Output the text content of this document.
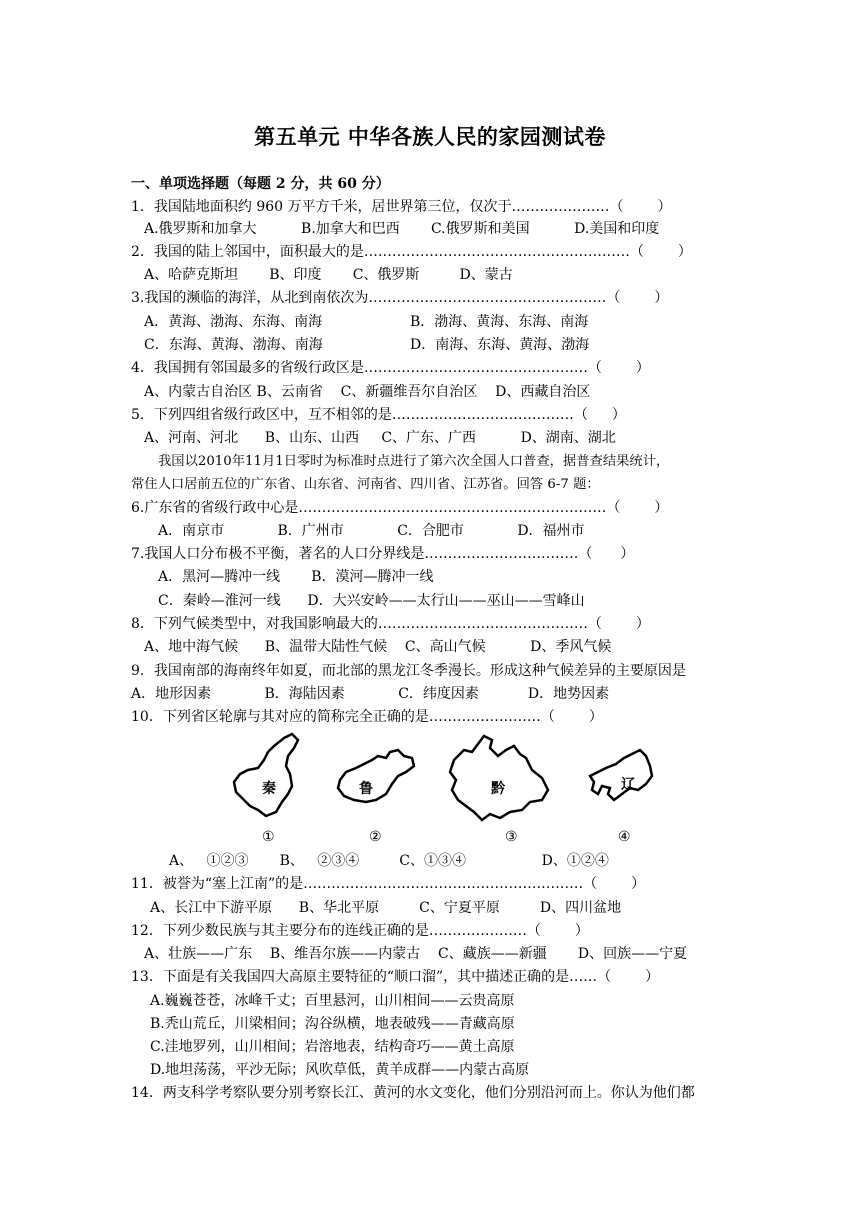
第五单元 中华各族人民的家园测试卷
一、单项选择题（每题 2 分，共 60 分）
1．我国陆地面积约 960 万平方千米，居世界第三位，仅次于…………………（ ）
A.俄罗斯和加拿大          B.加拿大和巴西       C.俄罗斯和美国          D.美国和印度
2．我国的陆上邻国中，面积最大的是…………………………………………………（ ）
A、哈萨克斯坦       B、印度       C、俄罗斯         D、蒙古
3.我国的濒临的海洋，从北到南依次为……………………………………………（ ）
A．黄海、渤海、东海、南海	B．渤海、黄海、东海、南海
C．东海、黄海、渤海、南海	D．南海、东海、黄海、渤海
4．我国拥有邻国最多的省级行政区是…………………………………………（ ）
A、内蒙古自治区 B、云南省    C、新疆维吾尔自治区    D、西藏自治区
5．下列四组省级行政区中，互不相邻的是…………………………………（ ）
A、河南、河北      B、山东、山西     C、广东、广西          D、湖南、湖北
我国以2010年11月1日零时为标准时点进行了第六次全国人口普查，据普查结果统计，
常住人口居前五位的广东省、山东省、河南省、四川省、江苏省。回答 6-7 题：
6.广东省的省级行政中心是…………………………………………………………（ ）
A．南京市            B．广州市            C．合肥市            D．福州市
7.我国人口分布极不平衡，著名的人口分界线是……………………………（ ）
A．黑河—腾冲一线       B．漠河—腾冲一线
C．秦岭—淮河一线      D．大兴安岭——太行山——巫山——雪峰山
8．下列气候类型中，对我国影响最大的………………………………………（ ）
A、地中海气候      B、温带大陆性气候    C、高山气候          D、季风气候
9．我国南部的海南终年如夏，而北部的黑龙江冬季漫长。形成这种气候差异的主要原因是
A．地形因素            B．海陆因素            C．纬度因素           D．地势因素
10．下列省区轮廓与其对应的简称完全正确的是……………………（ ）
秦	鲁	黔	辽
①	②	③	④
A、   ①②③       B、   ②③④         C、①③④                 D、①②④
11．被誉为“塞上江南”的是……………………………………………………（ ）
A、长江中下游平原      B、华北平原         C、宁夏平原         D、四川盆地
12．下列少数民族与其主要分布的连线正确的是…………………（ ）
A、壮族——广东    B、维吾尔族——内蒙古    C、藏族——新疆       D、回族——宁夏
13．下面是有关我国四大高原主要特征的“顺口溜”，其中描述正确的是……（ ）
A.巍巍苍苍，冰峰千丈；百里悬河，山川相间——云贵高原
B.秃山荒丘，川梁相间；沟谷纵横，地表破残——青藏高原
C.洼地罗列，山川相间；岩溶地表，结构奇巧——黄土高原
D.地坦荡荡，平沙无际；风吹草低，黄羊成群——内蒙古高原
14．两支科学考察队要分别考察长江、黄河的水文变化，他们分别沿河而上。你认为他们都
